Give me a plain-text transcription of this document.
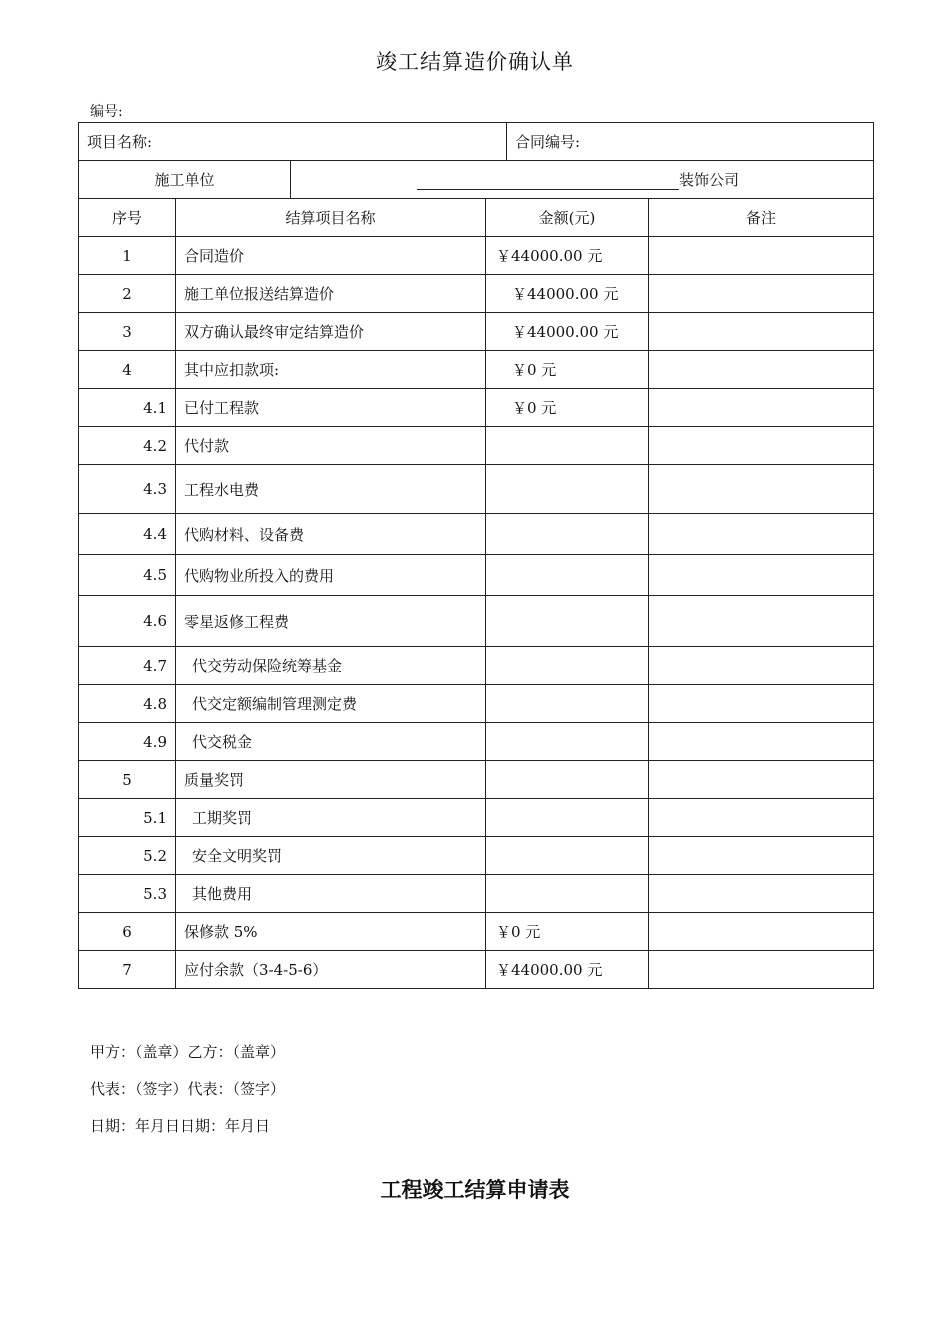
竣工结算造价确认单
编号:
项目名称:				合同编号:	
施工单位		装饰公司			
序号	结算项目名称		金额(元)		备注
1	合同造价		￥44000.00 元		
2	施工单位报送结算造价		￥44000.00 元		
3	双方确认最终审定结算造价		￥44000.00 元		
4	其中应扣款项:		￥0 元		
4.1	已付工程款		￥0 元		
4.2	代付款				
4.3	工程水电费				
4.4	代购材料、设备费				
4.5	代购物业所投入的费用				
4.6	零星返修工程费				
4.7	代交劳动保险统筹基金				
4.8	代交定额编制管理测定费				
4.9	代交税金				
5	质量奖罚				
5.1	工期奖罚				
5.2	安全文明奖罚				
5.3	其他费用				
6	保修款 5%		￥0 元		
7	应付余款（3-4-5-6）		￥44000.00 元		
甲方：（盖章）乙方：（盖章）
代表：（签字）代表：（签字）
日期：年月日日期：年月日
工程竣工结算申请表
